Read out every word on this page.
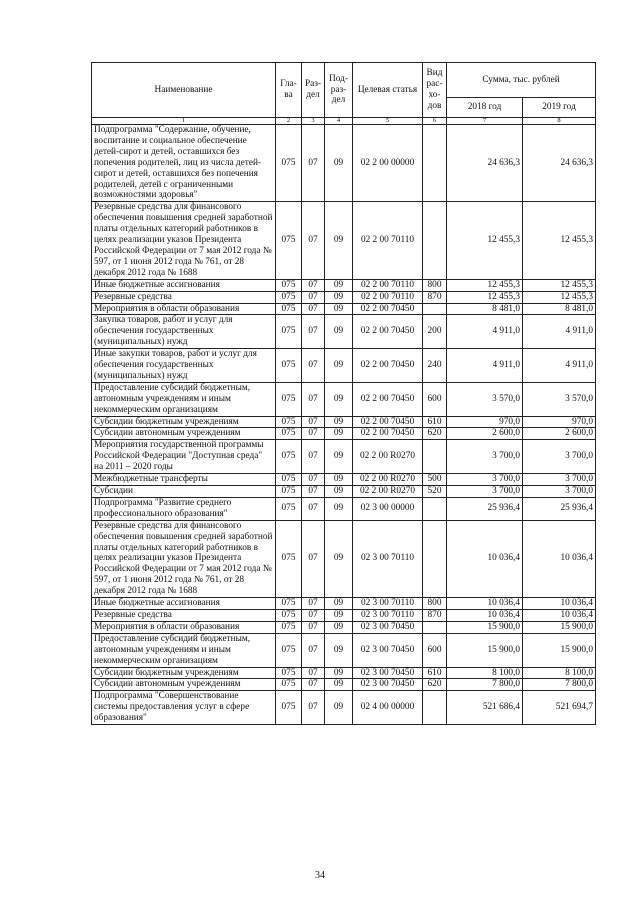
Наименование	Гла-ва	Раз-дел	Под-раз-дел	Целевая статья	Вид рас-хо-дов	Сумма, тыс. рублей	
						2018 год	2019 год
1	2	3	4	5	6	7	8
Подпрограмма "Содержание, обучение, воспитание и социальное обеспечение детей-сирот и детей, оставшихся без попечения родителей, лиц из числа детей-сирот и детей, оставшихся без попечения родителей, детей с ограниченными возможностями здоровья"	075	07	09	02 2 00 00000		24 636,3	24 636,3
Резервные средства для финансового обеспечения повышения средней заработной платы отдельных категорий работников в целях реализации указов Президента Российской Федерации от 7 мая 2012 года № 597, от 1 июня 2012 года № 761, от 28 декабря 2012 года № 1688	075	07	09	02 2 00 70110		12 455,3	12 455,3
Иные бюджетные ассигнования	075	07	09	02 2 00 70110	800	12 455,3	12 455,3
Резервные средства	075	07	09	02 2 00 70110	870	12 455,3	12 455,3
Мероприятия в области образования	075	07	09	02 2 00 70450		8 481,0	8 481,0
Закупка товаров, работ и услуг для обеспечения государственных (муниципальных) нужд	075	07	09	02 2 00 70450	200	4 911,0	4 911,0
Иные закупки товаров, работ и услуг для обеспечения государственных (муниципальных) нужд	075	07	09	02 2 00 70450	240	4 911,0	4 911,0
Предоставление субсидий бюджетным, автономным учреждениям и иным некоммерческим организациям	075	07	09	02 2 00 70450	600	3 570,0	3 570,0
Субсидии бюджетным учреждениям	075	07	09	02 2 00 70450	610	970,0	970,0
Субсидии автономным учреждениям	075	07	09	02 2 00 70450	620	2 600,0	2 600,0
Мероприятия государственной программы Российской Федерации "Доступная среда" на 2011 – 2020 годы	075	07	09	02 2 00 R0270		3 700,0	3 700,0
Межбюджетные трансферты	075	07	09	02 2 00 R0270	500	3 700,0	3 700,0
Субсидии	075	07	09	02 2 00 R0270	520	3 700,0	3 700,0
Подпрограмма "Развитие среднего профессионального образования"	075	07	09	02 3 00 00000		25 936,4	25 936,4
Резервные средства для финансового обеспечения повышения средней заработной платы отдельных категорий работников в целях реализации указов Президента Российской Федерации от 7 мая 2012 года № 597, от 1 июня 2012 года № 761, от 28 декабря 2012 года № 1688	075	07	09	02 3 00 70110		10 036,4	10 036,4
Иные бюджетные ассигнования	075	07	09	02 3 00 70110	800	10 036,4	10 036,4
Резервные средства	075	07	09	02 3 00 70110	870	10 036,4	10 036,4
Мероприятия в области образования	075	07	09	02 3 00 70450		15 900,0	15 900,0
Предоставление субсидий бюджетным, автономным учреждениям и иным некоммерческим организациям	075	07	09	02 3 00 70450	600	15 900,0	15 900,0
Субсидии бюджетным учреждениям	075	07	09	02 3 00 70450	610	8 100,0	8 100,0
Субсидии автономным учреждениям	075	07	09	02 3 00 70450	620	7 800,0	7 800,0
Подпрограмма "Совершенствование системы предоставления услуг в сфере образования"	075	07	09	02 4 00 00000		521 686,4	521 694,7
34
